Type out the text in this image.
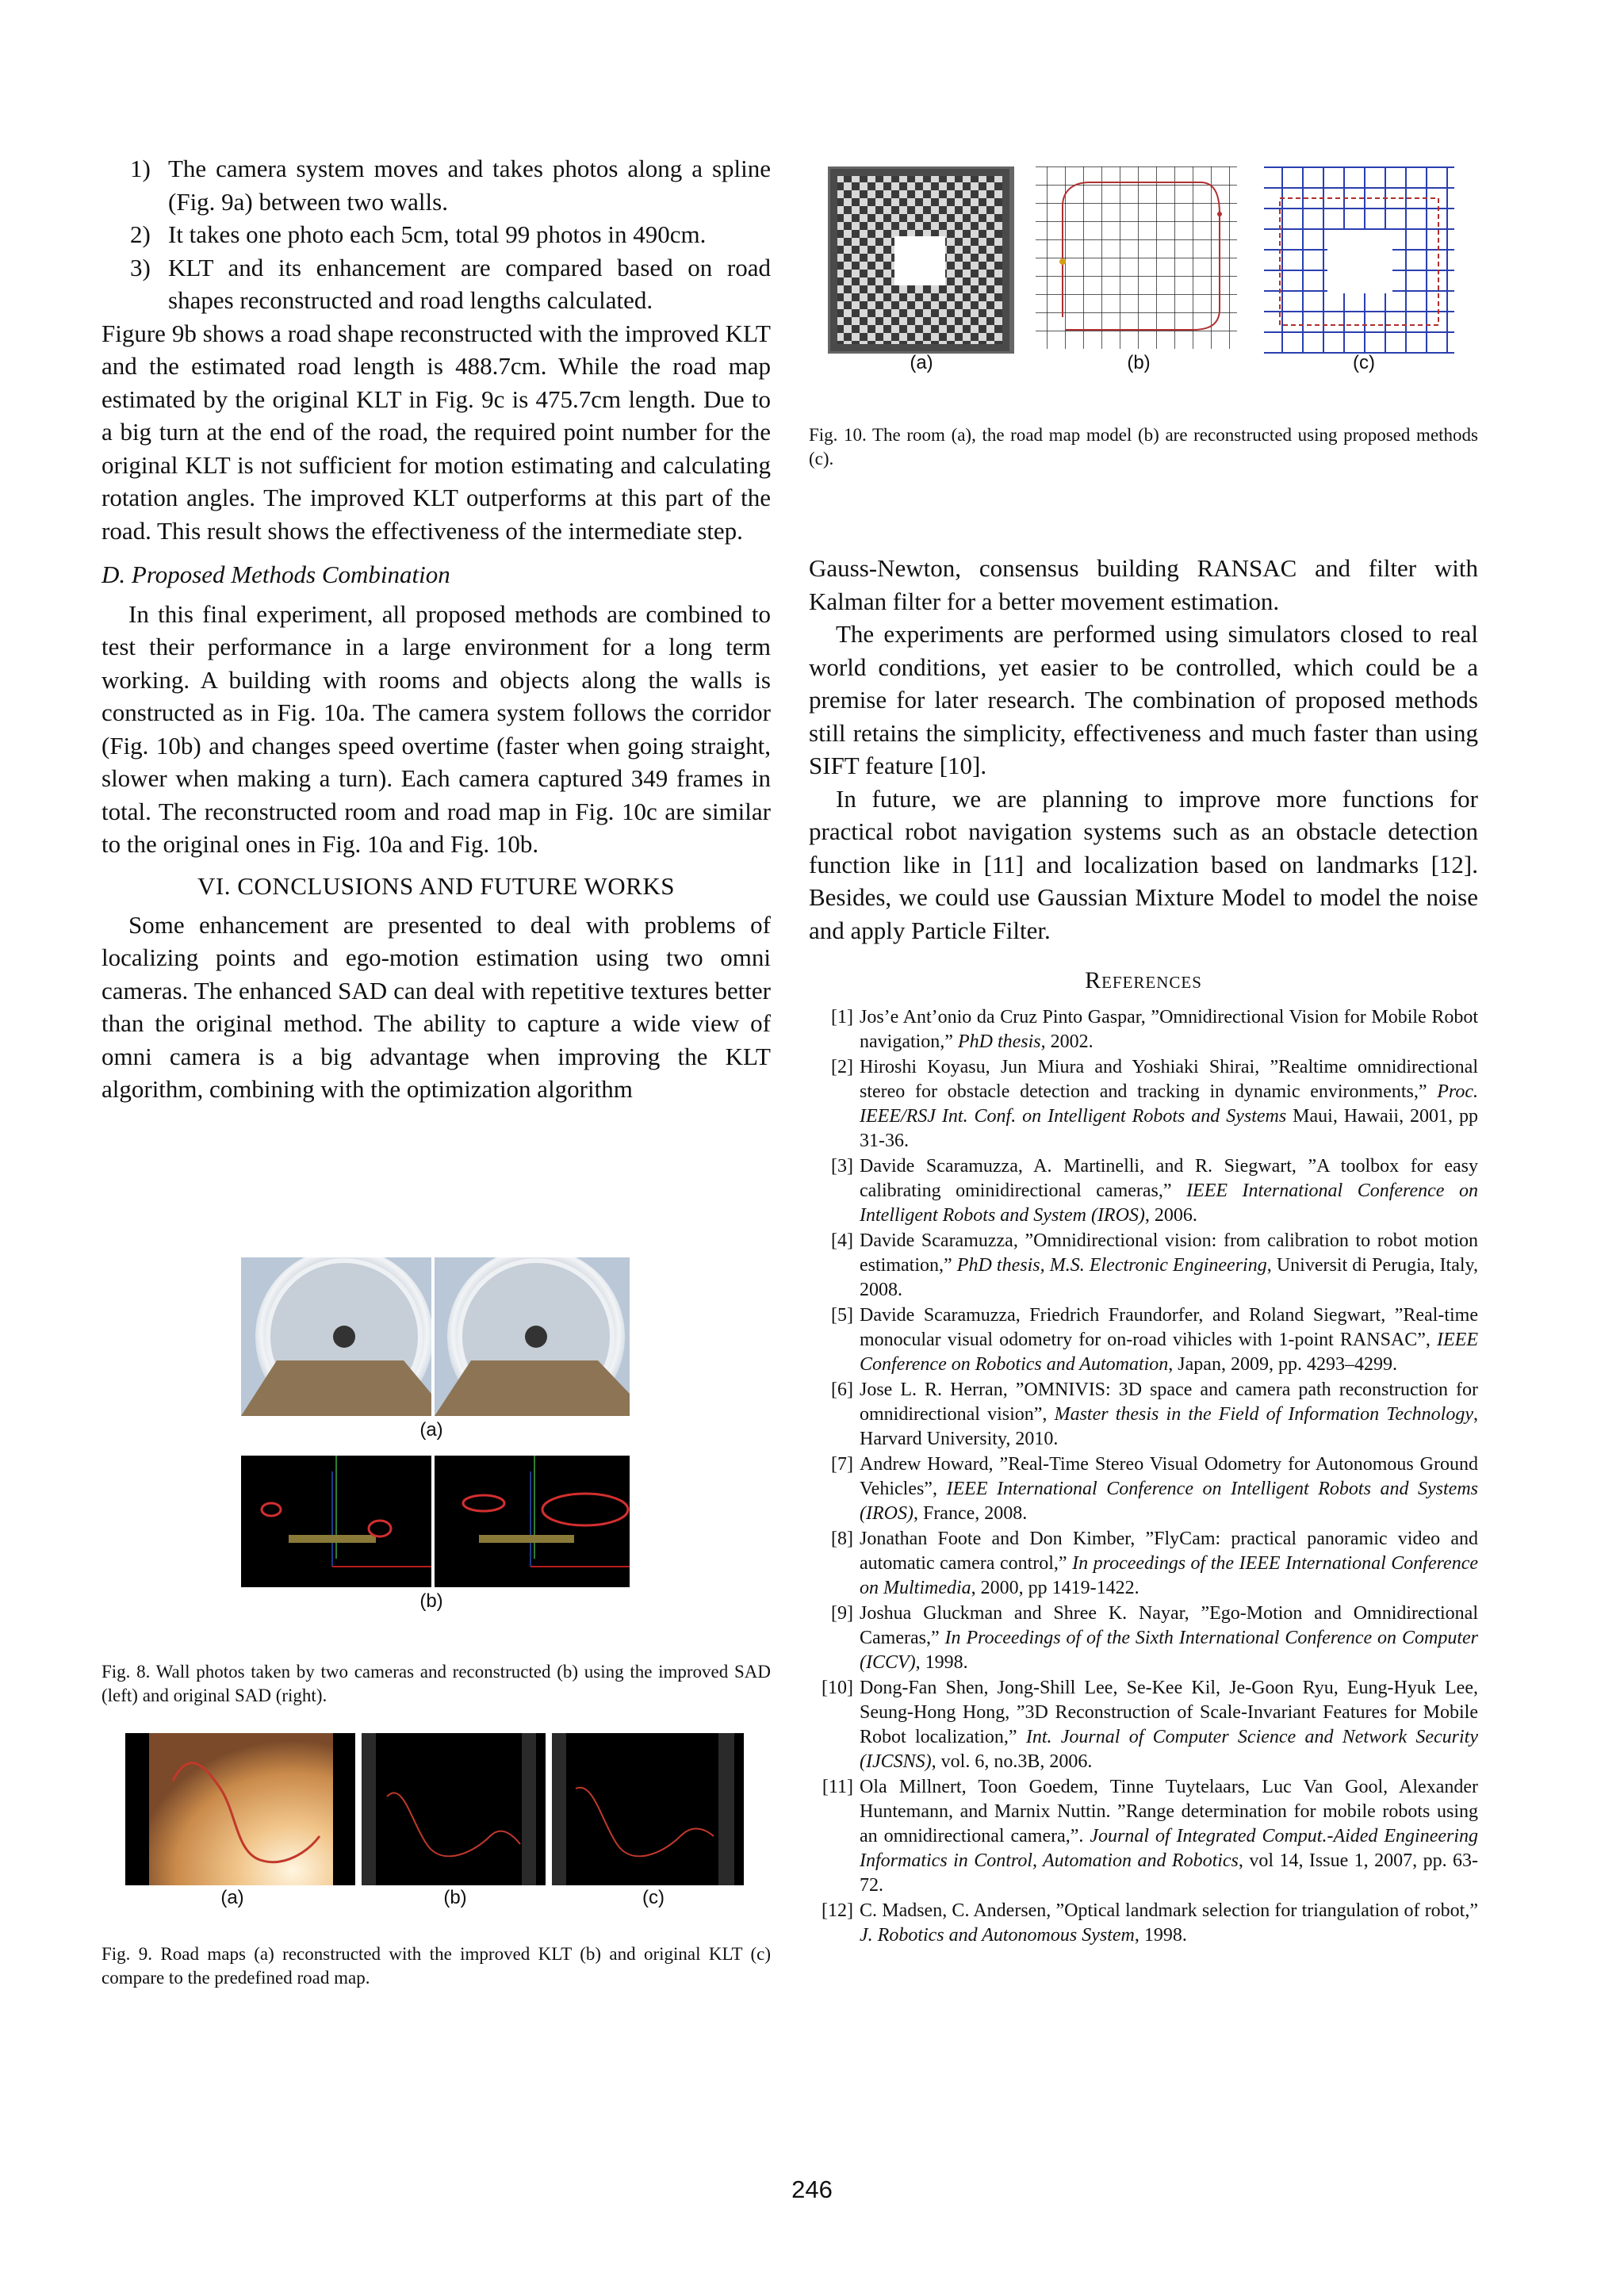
1) The camera system moves and takes photos along a spline (Fig. 9a) between two walls.
2) It takes one photo each 5cm, total 99 photos in 490cm.
3) KLT and its enhancement are compared based on road shapes reconstructed and road lengths calculated.

Figure 9b shows a road shape reconstructed with the improved KLT and the estimated road length is 488.7cm. While the road map estimated by the original KLT in Fig. 9c is 475.7cm length. Due to a big turn at the end of the road, the required point number for the original KLT is not sufficient for motion estimating and calculating rotation angles. The improved KLT outperforms at this part of the road. This result shows the effectiveness of the intermediate step.

D. Proposed Methods Combination

In this final experiment, all proposed methods are combined to test their performance in a large environment for a long term working. A building with rooms and objects along the walls is constructed as in Fig. 10a. The camera system follows the corridor (Fig. 10b) and changes speed overtime (faster when going straight, slower when making a turn). Each camera captured 349 frames in total. The reconstructed room and road map in Fig. 10c are similar to the original ones in Fig. 10a and Fig. 10b.

VI. CONCLUSIONS AND FUTURE WORKS

Some enhancement are presented to deal with problems of localizing points and ego-motion estimation using two omni cameras. The enhanced SAD can deal with repetitive textures better than the original method. The ability to capture a wide view of omni camera is a big advantage when improving the KLT algorithm, combining with the optimization algorithm

(a)
(b)
Fig. 8. Wall photos taken by two cameras and reconstructed (b) using the improved SAD (left) and original SAD (right).
(a)	(b)	(c)
Fig. 9. Road maps (a) reconstructed with the improved KLT (b) and original KLT (c) compare to the predefined road map.
(a)	(b)	(c)
Fig. 10. The room (a), the road map model (b) are reconstructed using proposed methods (c).

Gauss-Newton, consensus building RANSAC and filter with Kalman filter for a better movement estimation.

The experiments are performed using simulators closed to real world conditions, yet easier to be controlled, which could be a premise for later research. The combination of proposed methods still retains the simplicity, effectiveness and much faster than using SIFT feature [10].

In future, we are planning to improve more functions for practical robot navigation systems such as an obstacle detection function like in [11] and localization based on landmarks [12]. Besides, we could use Gaussian Mixture Model to model the noise and apply Particle Filter.

References
[1] Jos’e Ant’onio da Cruz Pinto Gaspar, ”Omnidirectional Vision for Mobile Robot navigation,” PhD thesis, 2002.
[2] Hiroshi Koyasu, Jun Miura and Yoshiaki Shirai, ”Realtime omnidirectional stereo for obstacle detection and tracking in dynamic environments,” Proc. IEEE/RSJ Int. Conf. on Intelligent Robots and Systems Maui, Hawaii, 2001, pp 31-36.
[3] Davide Scaramuzza, A. Martinelli, and R. Siegwart, ”A toolbox for easy calibrating ominidirectional cameras,” IEEE International Conference on Intelligent Robots and System (IROS), 2006.
[4] Davide Scaramuzza, ”Omnidirectional vision: from calibration to robot motion estimation,” PhD thesis, M.S. Electronic Engineering, Universit di Perugia, Italy, 2008.
[5] Davide Scaramuzza, Friedrich Fraundorfer, and Roland Siegwart, ”Real-time monocular visual odometry for on-road vihicles with 1-point RANSAC”, IEEE Conference on Robotics and Automation, Japan, 2009, pp. 4293–4299.
[6] Jose L. R. Herran, ”OMNIVIS: 3D space and camera path reconstruction for omnidirectional vision”, Master thesis in the Field of Information Technology, Harvard University, 2010.
[7] Andrew Howard, ”Real-Time Stereo Visual Odometry for Autonomous Ground Vehicles”, IEEE International Conference on Intelligent Robots and Systems (IROS), France, 2008.
[8] Jonathan Foote and Don Kimber, ”FlyCam: practical panoramic video and automatic camera control,” In proceedings of the IEEE International Conference on Multimedia, 2000, pp 1419-1422.
[9] Joshua Gluckman and Shree K. Nayar, ”Ego-Motion and Omnidirectional Cameras,” In Proceedings of of the Sixth International Conference on Computer (ICCV), 1998.
[10] Dong-Fan Shen, Jong-Shill Lee, Se-Kee Kil, Je-Goon Ryu, Eung-Hyuk Lee, Seung-Hong Hong, ”3D Reconstruction of Scale-Invariant Features for Mobile Robot localization,” Int. Journal of Computer Science and Network Security (IJCSNS), vol. 6, no.3B, 2006.
[11] Ola Millnert, Toon Goedem, Tinne Tuytelaars, Luc Van Gool, Alexander Huntemann, and Marnix Nuttin. ”Range determination for mobile robots using an omnidirectional camera,”. Journal of Integrated Comput.-Aided Engineering Informatics in Control, Automation and Robotics, vol 14, Issue 1, 2007, pp. 63-72.
[12] C. Madsen, C. Andersen, ”Optical landmark selection for triangulation of robot,” J. Robotics and Autonomous System, 1998.
246
